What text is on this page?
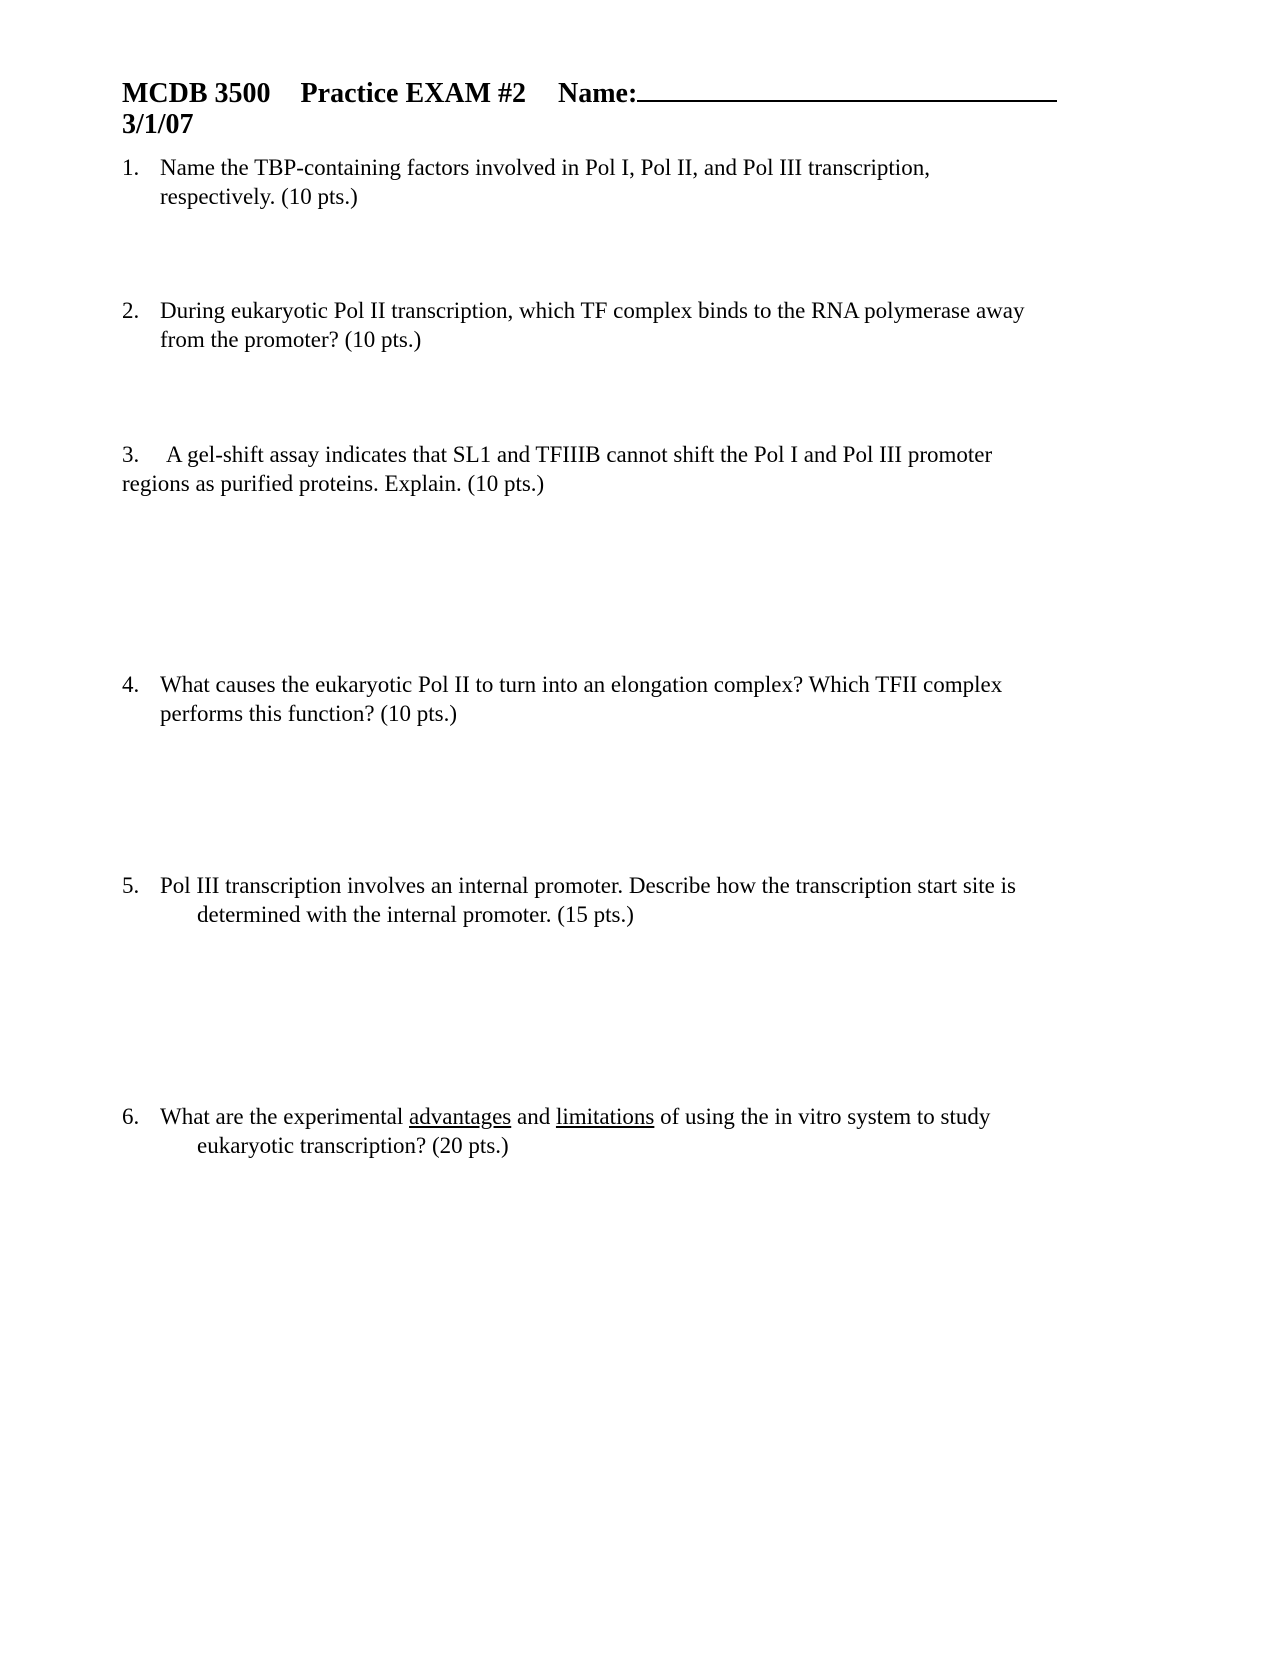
MCDB 3500 Practice EXAM #2 Name:
3/1/07
1. Name the TBP-containing factors involved in Pol I, Pol II, and Pol III transcription,
respectively. (10 pts.)
2. During eukaryotic Pol II transcription, which TF complex binds to the RNA polymerase away
from the promoter? (10 pts.)
3. A gel-shift assay indicates that SL1 and TFIIIB cannot shift the Pol I and Pol III promoter
regions as purified proteins. Explain. (10 pts.)
4. What causes the eukaryotic Pol II to turn into an elongation complex? Which TFII complex
performs this function? (10 pts.)
5. Pol III transcription involves an internal promoter. Describe how the transcription start site is
determined with the internal promoter. (15 pts.)
6. What are the experimental advantages and limitations of using the in vitro system to study
eukaryotic transcription? (20 pts.)
